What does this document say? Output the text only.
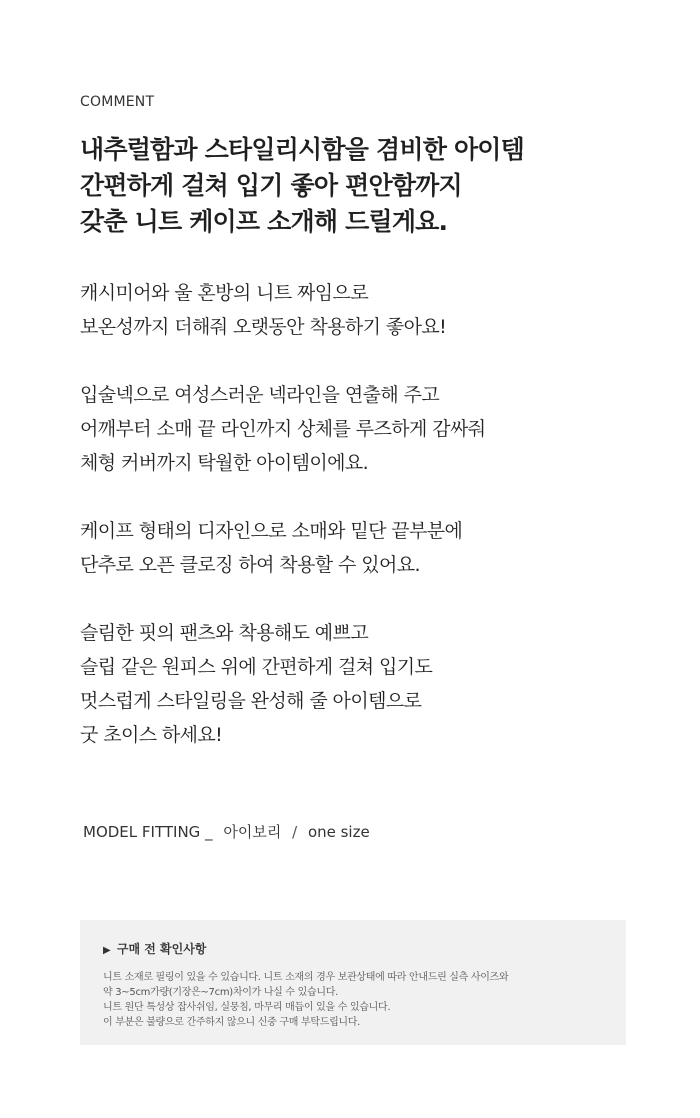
COMMENT
내추럴함과 스타일리시함을 겸비한 아이템
간편하게 걸쳐 입기 좋아 편안함까지
갖춘 니트 케이프 소개해 드릴게요.
캐시미어와 울 혼방의 니트 짜임으로
보온성까지 더해줘 오랫동안 착용하기 좋아요!
입술넥으로 여성스러운 넥라인을 연출해 주고
어깨부터 소매 끝 라인까지 상체를 루즈하게 감싸줘
체형 커버까지 탁월한 아이템이에요.
케이프 형태의 디자인으로 소매와 밑단 끝부분에
단추로 오픈 클로징 하여 착용할 수 있어요.
슬림한 핏의 팬츠와 착용해도 예쁘고
슬립 같은 원피스 위에 간편하게 걸쳐 입기도
멋스럽게 스타일링을 완성해 줄 아이템으로
굿 초이스 하세요!
MODEL FITTING _ 아이보리 / one size
▶ 구매 전 확인사항
니트 소재로 필링이 있을 수 있습니다. 니트 소재의 경우 보관상태에 따라 안내드린 실측 사이즈와
약 3~5cm가량(기장은~7cm)차이가 나실 수 있습니다.
니트 원단 특성상 잡사쉬임, 실뭉침, 마무리 매듭이 있을 수 있습니다.
이 부분은 불량으로 간주하지 않으니 신중 구매 부탁드립니다.
